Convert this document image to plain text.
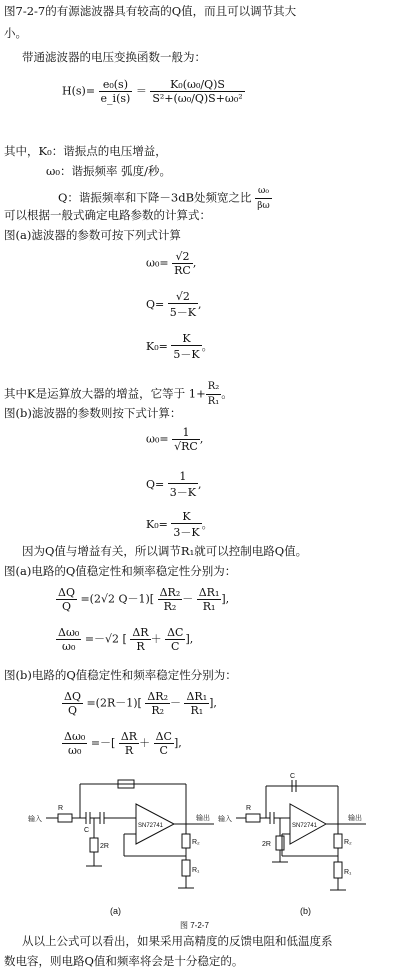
图7-2-7的有源滤波器具有较高的Q值，而且可以调节其大
小。
带通滤波器的电压变换函数一般为：
$H(s)= \frac{\text{e₀(s)}}{e\_i(s)} = \frac{\text{K₀(ω₀/Q)S}}{\text{S²+(ω₀/Q)S+ω₀²}}$
其中，K₀：谐振点的电压增益，
ω₀：谐振频率 弧度/秒。
Q：谐振频率和下降－3dB处频宽之比 $\frac{\text{ω₀}}{\beta\omega}$
可以根据一般式确定电路参数的计算式：
图(a)滤波器的参数可按下列式计算
$\omega_0= \frac{√2}{RC}$ ,
$Q= \frac{√2}{5-K}$ ,
$K_0= \frac{K}{5-K}$ 。
其中K是运算放大器的增益，它等于 $1+ \frac{\text{R₂}}{\text{R₁}}$ 。
图(b)滤波器的参数则按下式计算：
$\omega_0= \frac{1}{√RC}$ ,
$Q= \frac{1}{3-K}$ ,
$K_0= \frac{K}{3-K}$ 。
因为Q值与增益有关，所以调节R₁就可以控制电路Q值。
图(a)电路的Q值稳定性和频率稳定性分别为：
$\frac{\Delta Q}{Q} =(2√2$ $Q-1)[ \frac{\text{ΔR₂}}{\text{R₂}} - \frac{\text{ΔR₁}}{\text{R₁}}$ ],
$\frac{\text{Δω₀}}{\text{ω₀}} =-√2$ [ $\frac{\Delta R}{R} + \frac{\Delta C}{C}$ ],
图(b)电路的Q值稳定性和频率稳定性分别为：
$\frac{\Delta Q}{Q} =(2R-1)[ \frac{\text{ΔR₂}}{\text{R₂}} - \frac{\text{ΔR₁}}{\text{R₁}}$ ],
$\frac{\text{Δω₀}}{\text{ω₀}}$ =－[ $\frac{\Delta R}{R} + \frac{\Delta C}{C}$ ],
输入
R
C
2R
SN72741
输出
R₂
R₁
输入
R
C
2R
SN72741
输出
R₂
R₁
(a)	(b)
图 7-2-7
从以上公式可以看出，如果采用高精度的反馈电阻和低温度系
数电容，则电路Q值和频率将会是十分稳定的。
